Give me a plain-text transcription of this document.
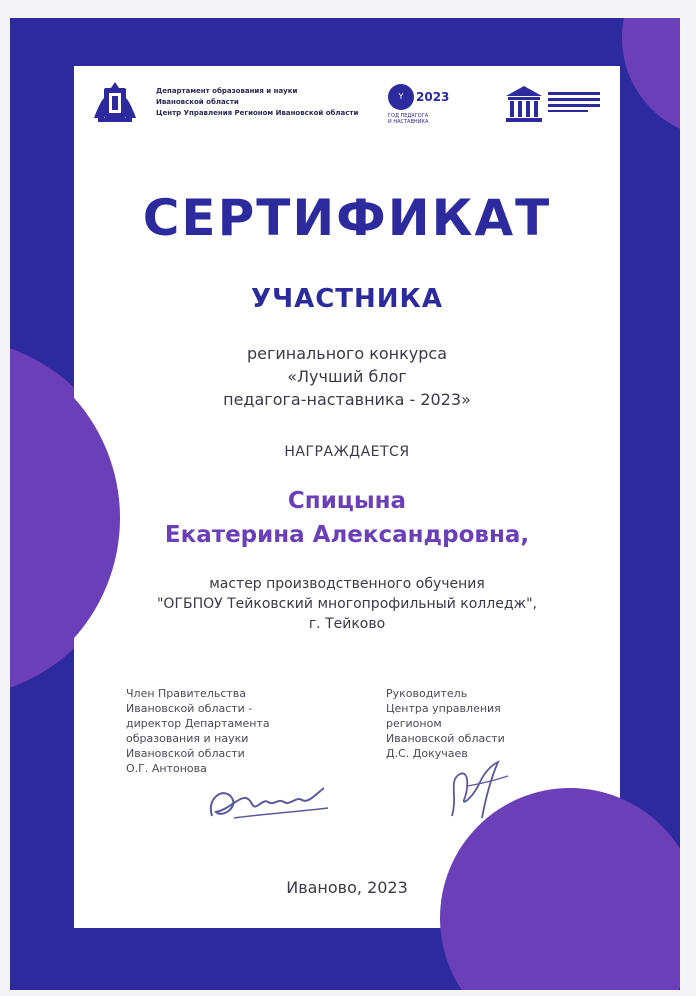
Департамент образования и науки
Ивановской области
Центр Управления Регионом Ивановской области
Y	2023
ГОД ПЕДАГОГА
И НАСТАВНИКА
СЕРТИФИКАТ
УЧАСТНИКА
регинального конкурса
«Лучший блог
педагога-наставника - 2023»
НАГРАЖДАЕТСЯ
Спицына
Екатерина Александровна,
мастер производственного обучения
"ОГБПОУ Тейковский многопрофильный колледж",
г. Тейково
Член Правительства
Ивановской области -
директор Департамента
образования и науки
Ивановской области
О.Г. Антонова
Руководитель
Центра управления
регионом
Ивановской области
Д.С. Докучаев
Иваново, 2023
